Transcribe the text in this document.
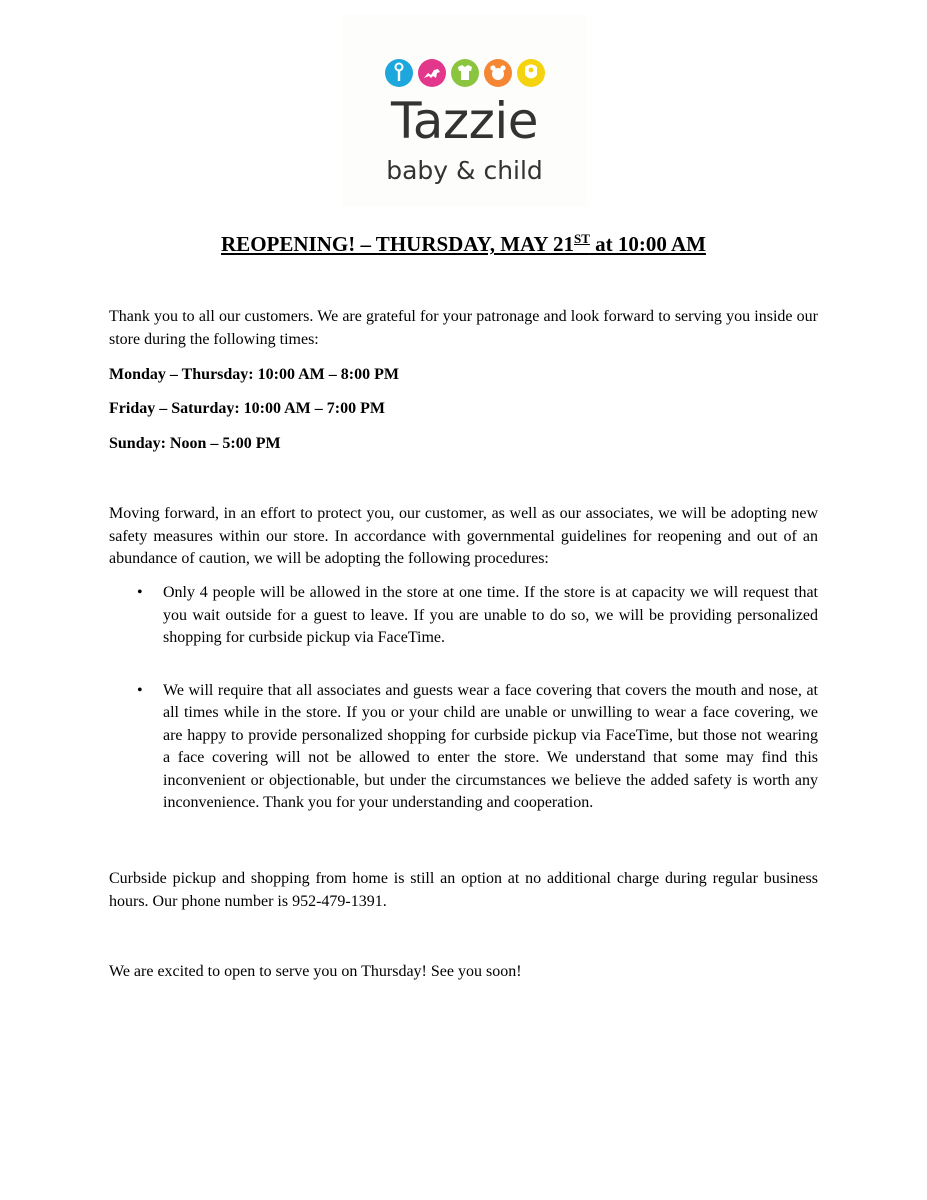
Tazzie
baby & child
REOPENING! – THURSDAY, MAY 21ST at 10:00 AM

Thank you to all our customers. We are grateful for your patronage and look forward to serving you inside our store during the following times:

Monday – Thursday: 10:00 AM – 8:00 PM

Friday – Saturday: 10:00 AM – 7:00 PM

Sunday: Noon – 5:00 PM

Moving forward, in an effort to protect you, our customer, as well as our associates, we will be adopting new safety measures within our store. In accordance with governmental guidelines for reopening and out of an abundance of caution, we will be adopting the following procedures:

• Only 4 people will be allowed in the store at one time. If the store is at capacity we will request that you wait outside for a guest to leave. If you are unable to do so, we will be providing personalized shopping for curbside pickup via FaceTime.
• We will require that all associates and guests wear a face covering that covers the mouth and nose, at all times while in the store. If you or your child are unable or unwilling to wear a face covering, we are happy to provide personalized shopping for curbside pickup via FaceTime, but those not wearing a face covering will not be allowed to enter the store. We understand that some may find this inconvenient or objectionable, but under the circumstances we believe the added safety is worth any inconvenience. Thank you for your understanding and cooperation.

Curbside pickup and shopping from home is still an option at no additional charge during regular business hours. Our phone number is 952-479-1391.

We are excited to open to serve you on Thursday! See you soon!
